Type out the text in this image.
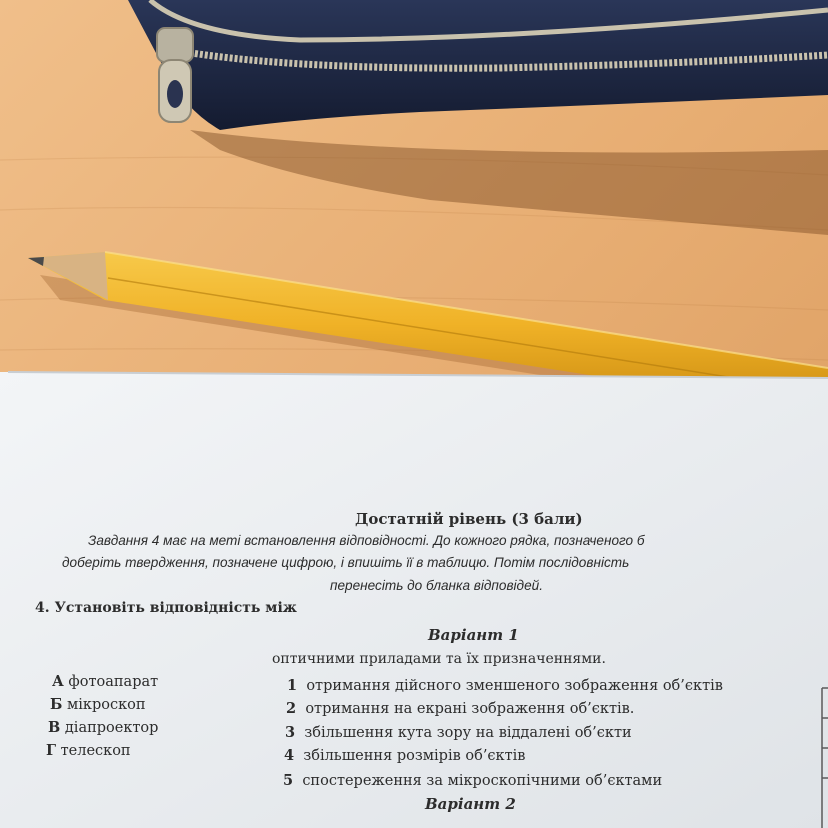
Достатній рівень (3 бали)
Завдання 4 має на меті встановлення відповідності. До кожного рядка, позначеного б
доберіть твердження, позначене цифрою, і впишіть її в таблицю. Потім послідовність
перенесіть до бланка відповідей.
4. Установіть відповідність між
Варіант 1
оптичними приладами та їх призначеннями.
А фотоапарат
Б мікроскоп
В діапроектор
Г телескоп
1 отримання дійсного зменшеного зображення об’єктів
2 отримання на екрані зображення об’єктів.
3 збільшення кута зору на віддалені об’єкти
4 збільшення розмірів об’єктів
5 спостереження за мікроскопічними об’єктами
Варіант 2
